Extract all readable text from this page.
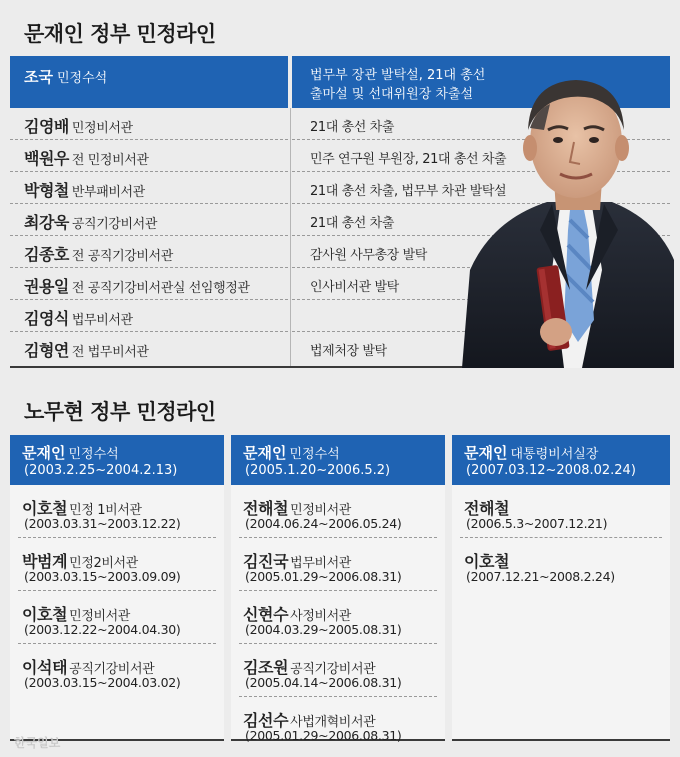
문재인 정부 민정라인
조국 민정수석	법무부 장관 발탁설, 21대 총선
출마설 및 선대위원장 차출설
김영배 민정비서관	21대 총선 차출
백원우 전 민정비서관	민주 연구원 부원장, 21대 총선 차출
박형철 반부패비서관	21대 총선 차출, 법무부 차관 발탁설
최강욱 공직기강비서관	21대 총선 차출
김종호 전 공직기강비서관	감사원 사무총장 발탁
권용일 전 공직기강비서관실 선임행정관	인사비서관 발탁
김영식 법무비서관
김형연 전 법무비서관	법제처장 발탁
노무현 정부 민정라인
문재인 민정수석
(2003.2.25~2004.2.13)
이호철 민정 1비서관
(2003.03.31~2003.12.22)
박범계 민정2비서관
(2003.03.15~2003.09.09)
이호철 민정비서관
(2003.12.22~2004.04.30)
이석태 공직기강비서관
(2003.03.15~2004.03.02)
문재인 민정수석
(2005.1.20~2006.5.2)
전해철 민정비서관
(2004.06.24~2006.05.24)
김진국 법무비서관
(2005.01.29~2006.08.31)
신현수 사정비서관
(2004.03.29~2005.08.31)
김조원 공직기강비서관
(2005.04.14~2006.08.31)
김선수 사법개혁비서관
(2005.01.29~2006.08.31)
문재인 대통령비서실장
(2007.03.12~2008.02.24)
전해철
(2006.5.3~2007.12.21)
이호철
(2007.12.21~2008.2.24)
한국일보
